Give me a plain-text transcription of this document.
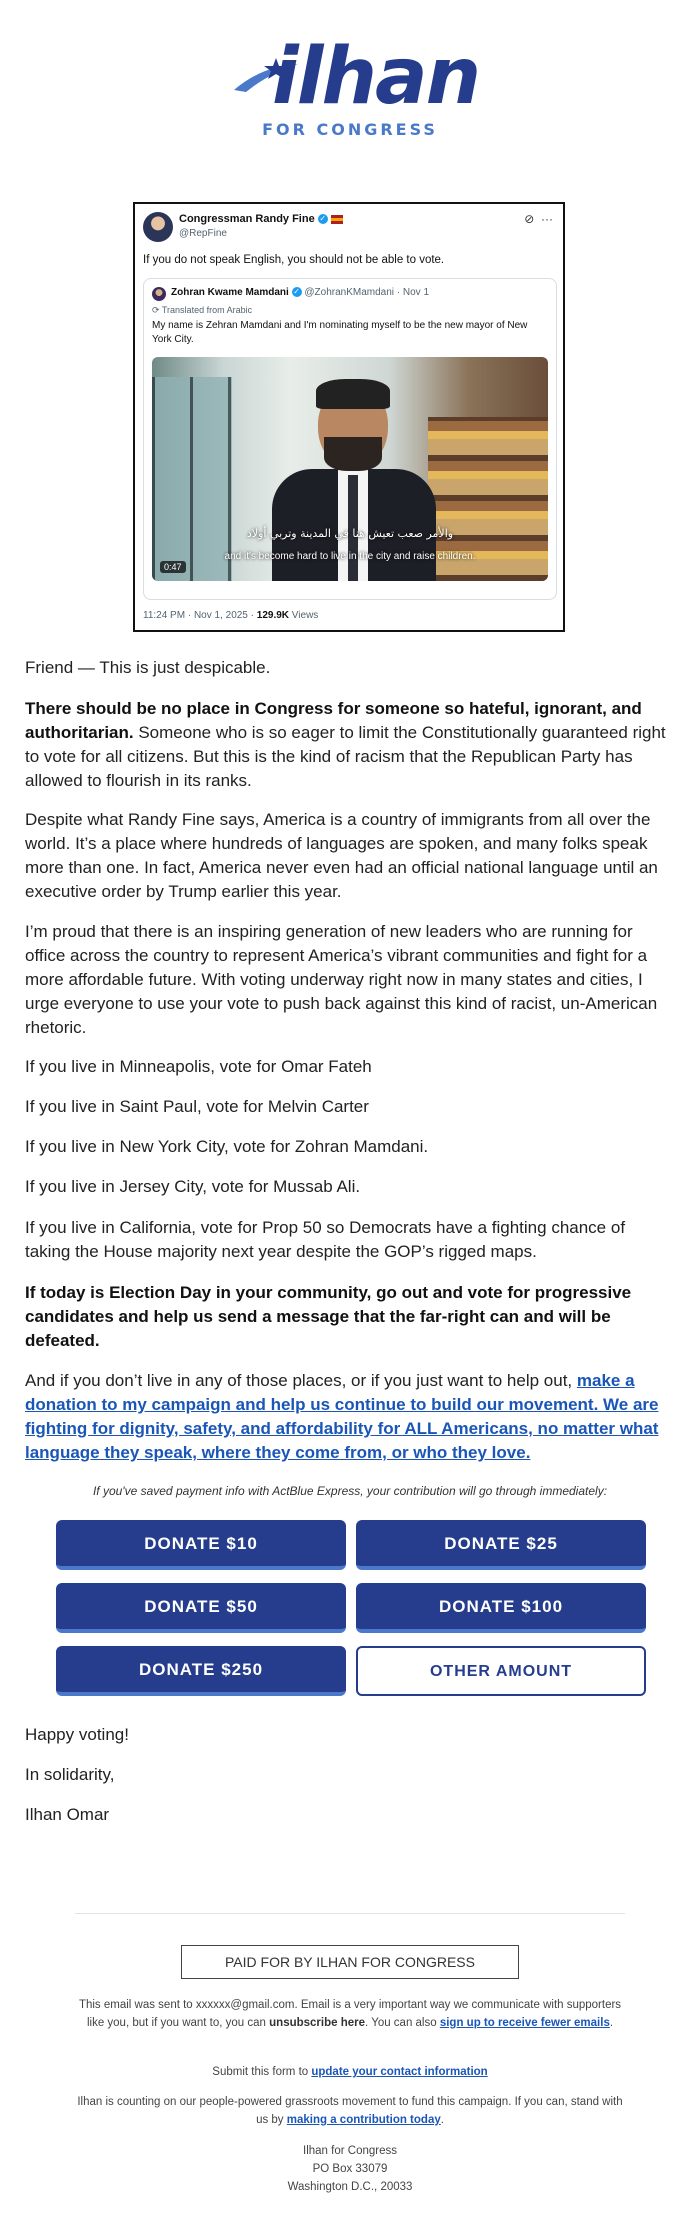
ilhan
FOR CONGRESS
Congressman Randy Fine ✓
@RepFine
⊘ ···
If you do not speak English, you should not be able to vote.
Zohran Kwame Mamdani ✓ @ZohranKMamdani · Nov 1
⟳ Translated from Arabic
My name is Zehran Mamdani and I'm nominating myself to be the new mayor of New York City.
والأمر صعب تعيش هنا في المدينة وتربي أولاد
and it's become hard to live in the city and raise children.
0:47
11:24 PM · Nov 1, 2025 · 129.9K Views

Friend — This is just despicable.

There should be no place in Congress for someone so hateful, ignorant, and authoritarian. Someone who is so eager to limit the Constitutionally guaranteed right to vote for all citizens. But this is the kind of racism that the Republican Party has allowed to flourish in its ranks.

Despite what Randy Fine says, America is a country of immigrants from all over the world. It’s a place where hundreds of languages are spoken, and many folks speak more than one. In fact, America never even had an official national language until an executive order by Trump earlier this year.

I’m proud that there is an inspiring generation of new leaders who are running for office across the country to represent America’s vibrant communities and fight for a more affordable future. With voting underway right now in many states and cities, I urge everyone to use your vote to push back against this kind of racist, un-American rhetoric.

If you live in Minneapolis, vote for Omar Fateh

If you live in Saint Paul, vote for Melvin Carter

If you live in New York City, vote for Zohran Mamdani.

If you live in Jersey City, vote for Mussab Ali.

If you live in California, vote for Prop 50 so Democrats have a fighting chance of taking the House majority next year despite the GOP’s rigged maps.

If today is Election Day in your community, go out and vote for progressive candidates and help us send a message that the far-right can and will be defeated.

And if you don’t live in any of those places, or if you just want to help out, make a donation to my campaign and help us continue to build our movement. We are fighting for dignity, safety, and affordability for ALL Americans, no matter what language they speak, where they come from, or who they love.

If you've saved payment info with ActBlue Express, your contribution will go through immediately:
DONATE $10	DONATE $25
DONATE $50	DONATE $100
DONATE $250	OTHER AMOUNT

Happy voting!

In solidarity,

Ilhan Omar

PAID FOR BY ILHAN FOR CONGRESS

This email was sent to xxxxxx@gmail.com. Email is a very important way we communicate with supporters like you, but if you want to, you can unsubscribe here. You can also sign up to receive fewer emails.

Submit this form to update your contact information

Ilhan is counting on our people-powered grassroots movement to fund this campaign. If you can, stand with us by making a contribution today.

Ilhan for Congress

PO Box 33079

Washington D.C., 20033
